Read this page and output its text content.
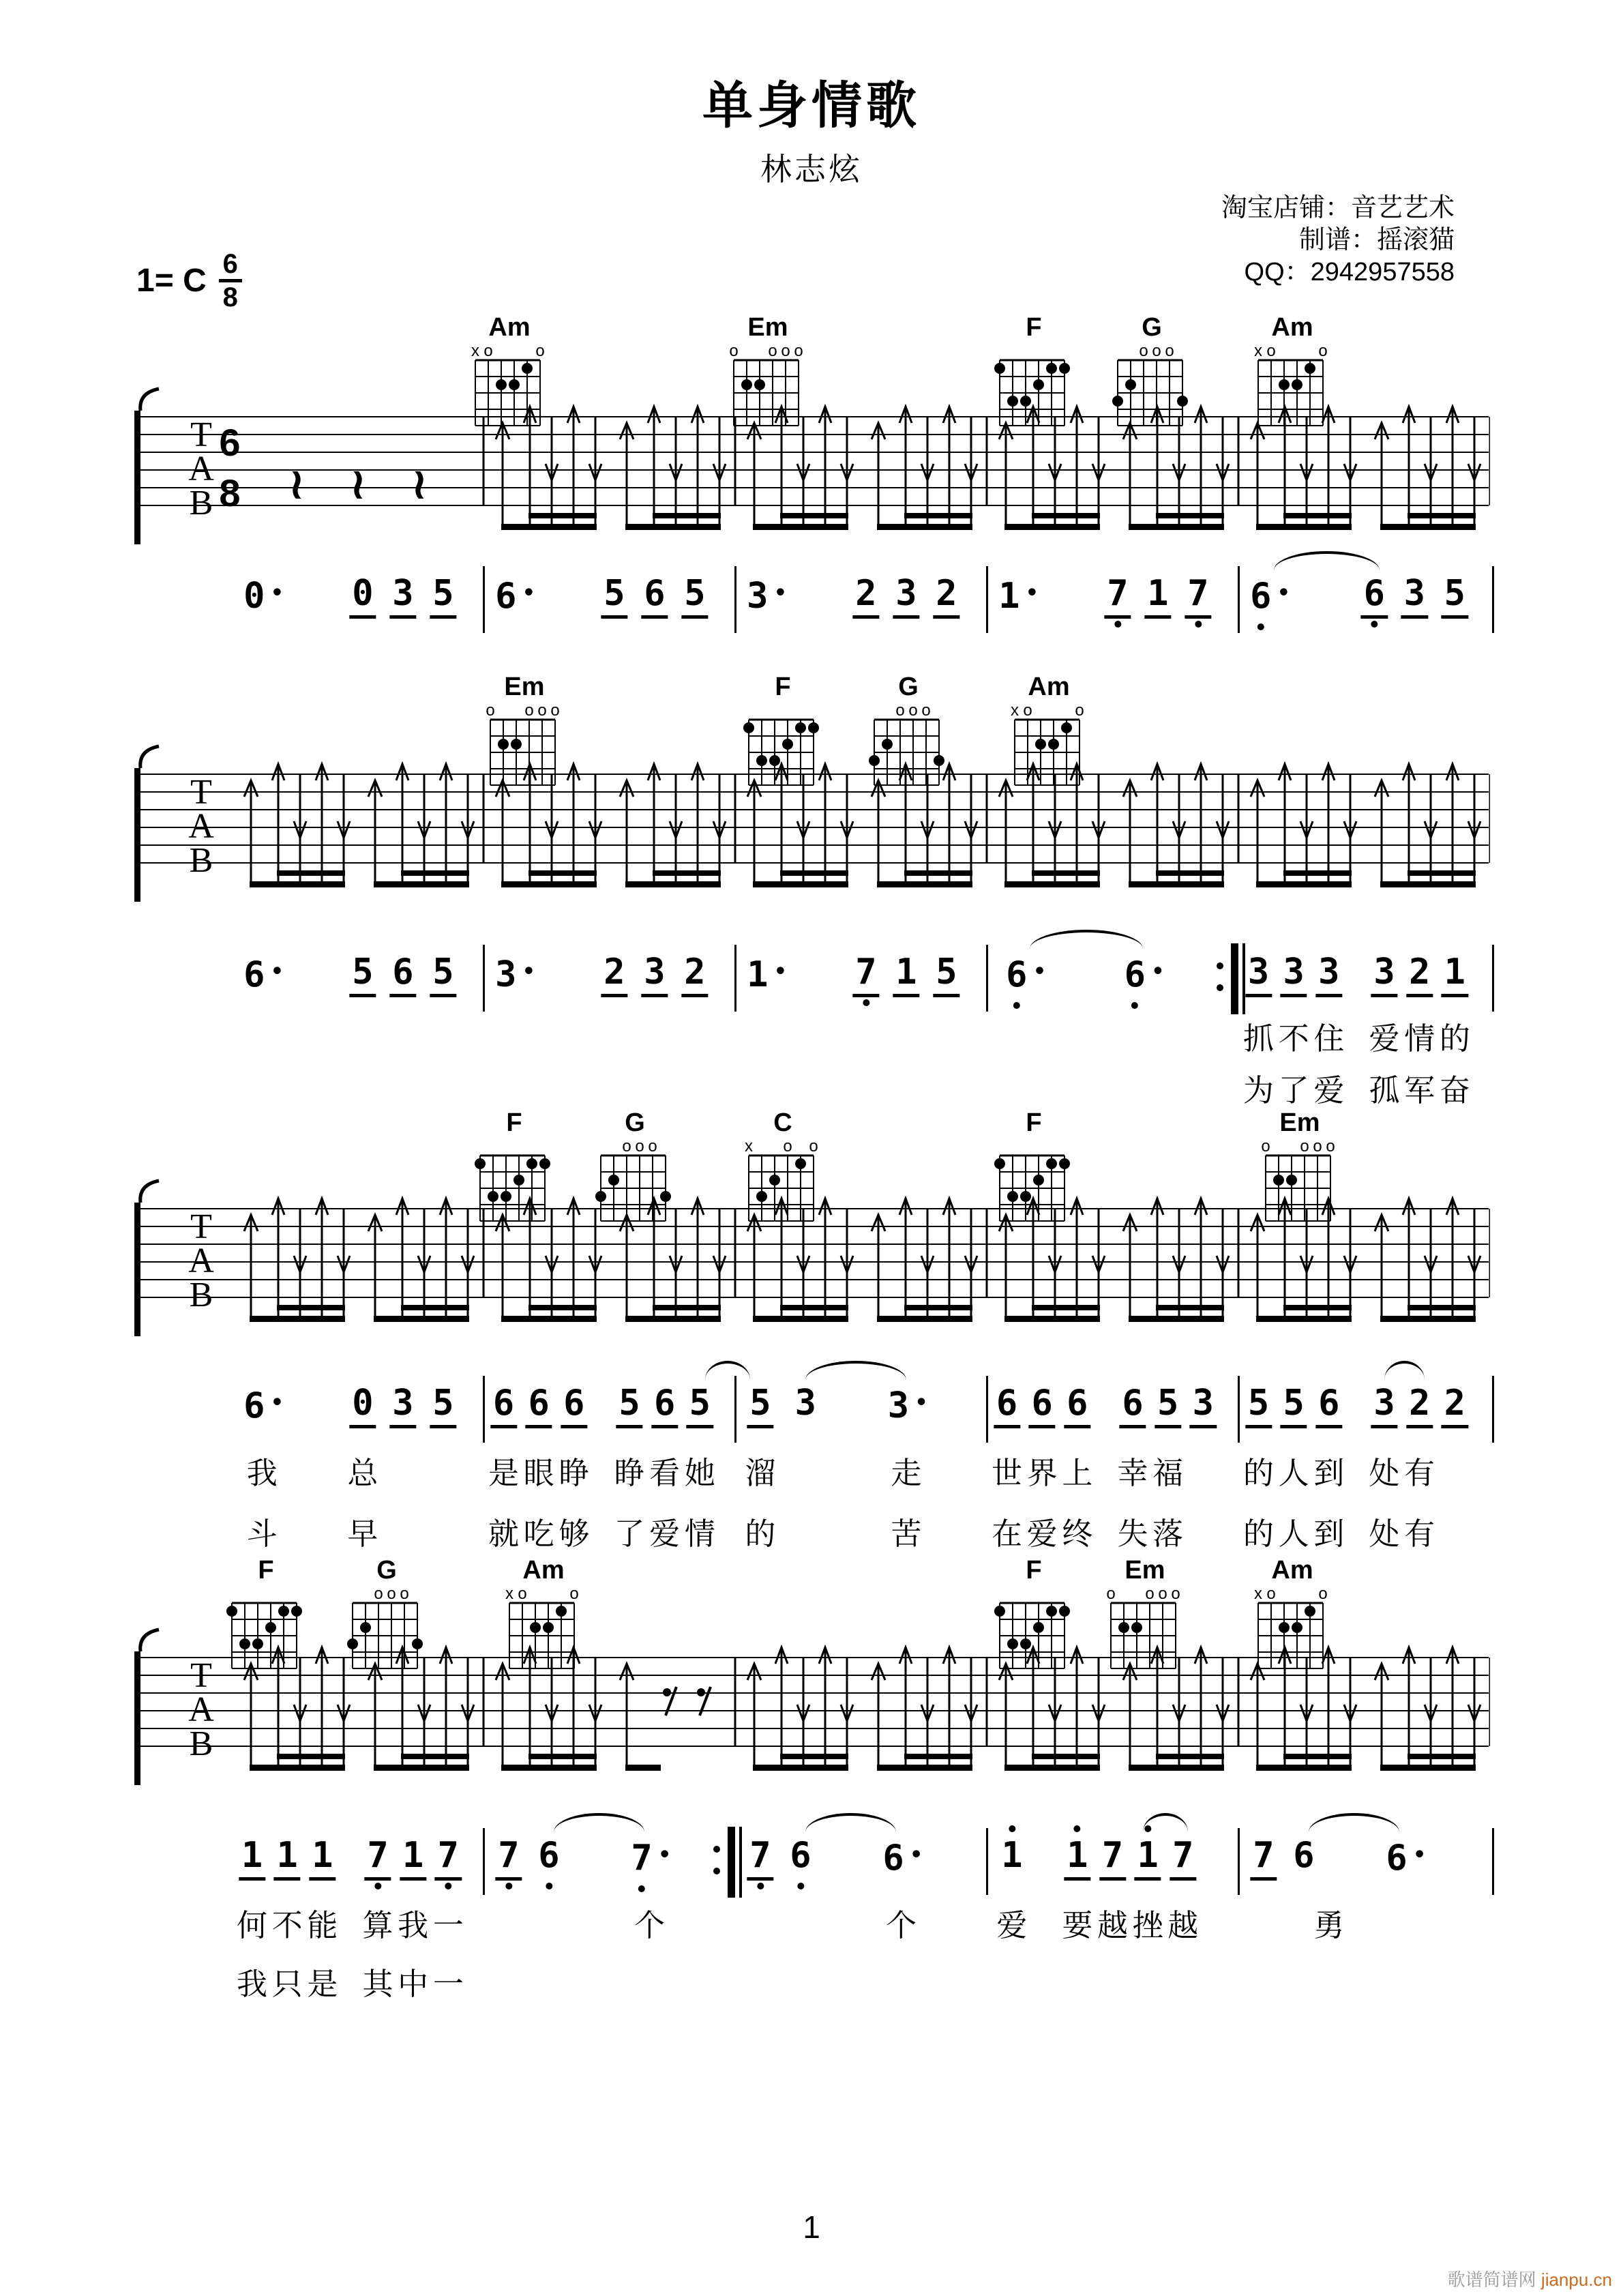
单身情歌
林志炫
淘宝店铺：音艺艺术
制谱：摇滚猫
QQ：2942957558
1= C 6
8
Am
x o	o
Em
o o o o
F	G
o o o
Am
x o	o
T
A
B
6
8 ≀ ≀ ≀
0 • 0 3 5 6 • 5 6 5 3 • 2 3 2 1 • 7 1 7 6 • 6 3 5
Em
o o o o
F	G
o o o
Am
x o	o
T
A
B
6 • 5 6 5 3 • 2 3 2 1 • 7 1 5 6 • 6 • 3 3 3 3 2 1
抓 不 住 爱 情 的
为 了 爱 孤 军 奋
F	G
o o o
C
x o o
F	Em
o o o o
T
A
B
6 • 0 3 5 6 6 6 5 6 5 5 3 3 • 6 6 6 6 5 3 5 5 6 3 2 2
我 总	是 眼 睁 睁 看 她 溜	走 世 界 上 幸 福 的 人 到 处 有
斗 早	就 吃 够 了 爱 情 的	苦 在 爱 终 失 落 的 人 到 处 有
F	G
o o o
Am
x o	o
F	Em
o o o o
Am
x o	o
T
A
B
1 1 1 7 1 7 7 6 7 • 7 6 6 • 1 1 7 1 7 7 6 6 •
何 不 能 算 我 一	个	个	爱 要 越 挫 越	勇
我 只 是 其 中 一
1
歌谱简谱网 jianpu.cn
